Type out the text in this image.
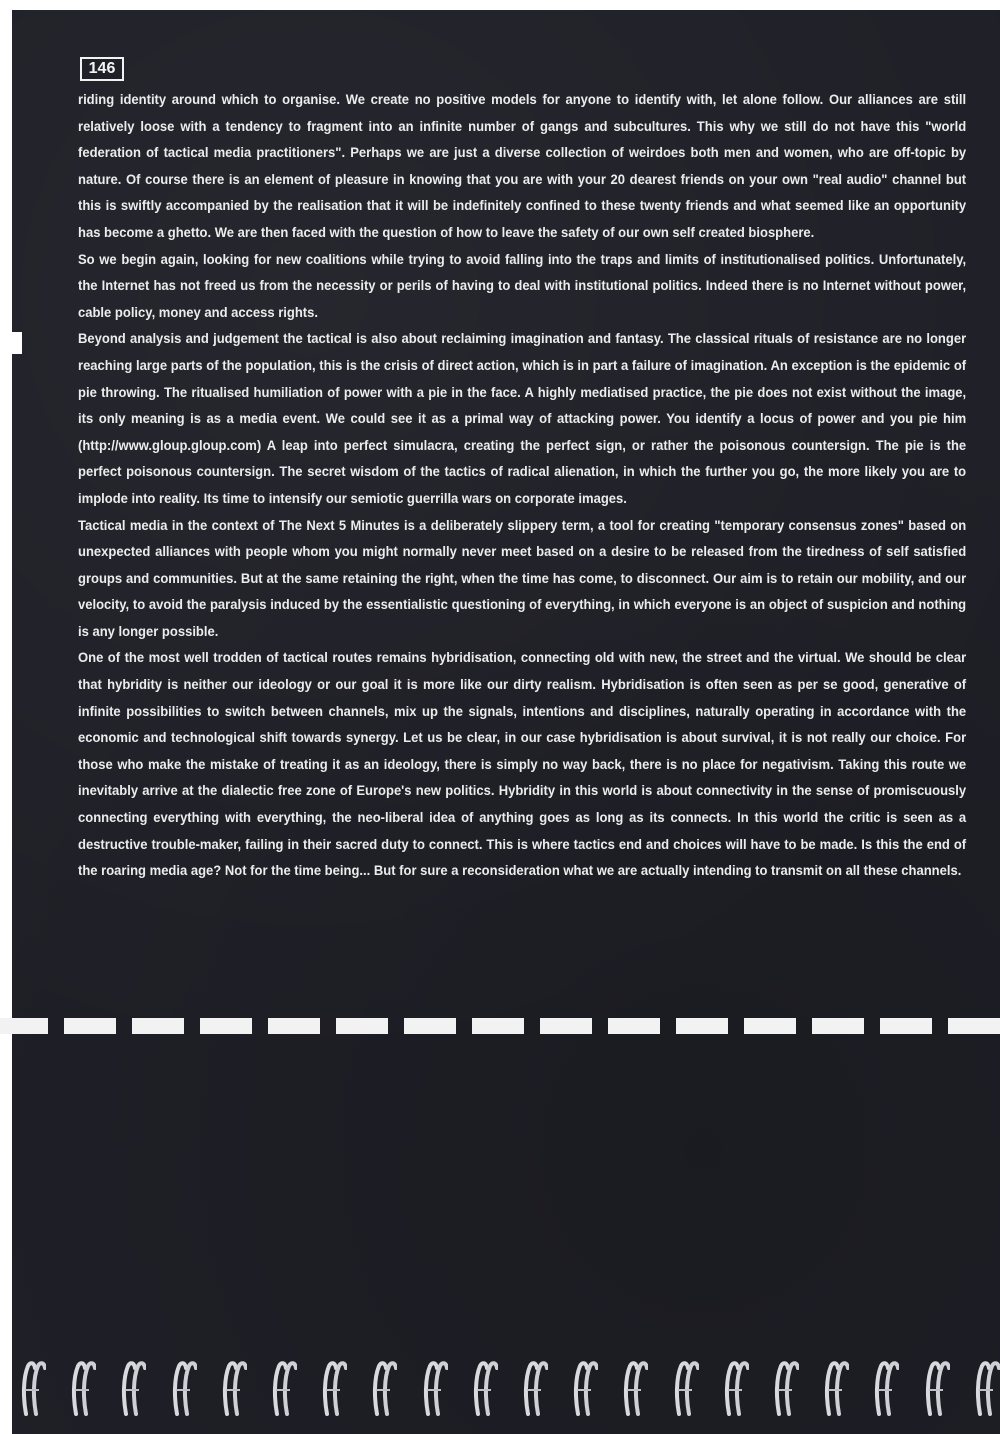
146

riding identity around which to organise. We create no positive models for anyone to identify with, let alone follow. Our alliances are still relatively loose with a tendency to fragment into an infinite number of gangs and subcultures. This why we still do not have this "world federation of tactical media practitioners". Perhaps we are just a diverse collection of weirdoes both men and women, who are off-topic by nature. Of course there is an element of pleasure in knowing that you are with your 20 dearest friends on your own "real audio" channel but this is swiftly accompanied by the realisation that it will be indefinitely confined to these twenty friends and what seemed like an opportunity has become a ghetto. We are then faced with the question of how to leave the safety of our own self created biosphere.

So we begin again, looking for new coalitions while trying to avoid falling into the traps and limits of institutionalised politics. Unfortunately, the Internet has not freed us from the necessity or perils of having to deal with institutional politics. Indeed there is no Internet without power, cable policy, money and access rights.

Beyond analysis and judgement the tactical is also about reclaiming imagination and fantasy. The classical rituals of resistance are no longer reaching large parts of the population, this is the crisis of direct action, which is in part a failure of imagination. An exception is the epidemic of pie throwing. The ritualised humiliation of power with a pie in the face. A highly mediatised practice, the pie does not exist without the image, its only meaning is as a media event. We could see it as a primal way of attacking power. You identify a locus of power and you pie him (http://www.gloup.gloup.com) A leap into perfect simulacra, creating the perfect sign, or rather the poisonous countersign. The pie is the perfect poisonous countersign. The secret wisdom of the tactics of radical alienation, in which the further you go, the more likely you are to implode into reality. Its time to intensify our semiotic guerrilla wars on corporate images.

Tactical media in the context of The Next 5 Minutes is a deliberately slippery term, a tool for creating "temporary consensus zones" based on unexpected alliances with people whom you might normally never meet based on a desire to be released from the tiredness of self satisfied groups and communities. But at the same retaining the right, when the time has come, to disconnect. Our aim is to retain our mobility, and our velocity, to avoid the paralysis induced by the essentialistic questioning of everything, in which everyone is an object of suspicion and nothing is any longer possible.

One of the most well trodden of tactical routes remains hybridisation, connecting old with new, the street and the virtual. We should be clear that hybridity is neither our ideology or our goal it is more like our dirty realism. Hybridisation is often seen as per se good, generative of infinite possibilities to switch between channels, mix up the signals, intentions and disciplines, naturally operating in accordance with the economic and technological shift towards synergy. Let us be clear, in our case hybridisation is about survival, it is not really our choice. For those who make the mistake of treating it as an ideology, there is simply no way back, there is no place for negativism. Taking this route we inevitably arrive at the dialectic free zone of Europe's new politics. Hybridity in this world is about connectivity in the sense of promiscuously connecting everything with everything, the neo-liberal idea of anything goes as long as its connects. In this world the critic is seen as a destructive trouble-maker, failing in their sacred duty to connect. This is where tactics end and choices will have to be made. Is this the end of the roaring media age? Not for the time being... But for sure a reconsideration what we are actually intending to transmit on all these channels.
